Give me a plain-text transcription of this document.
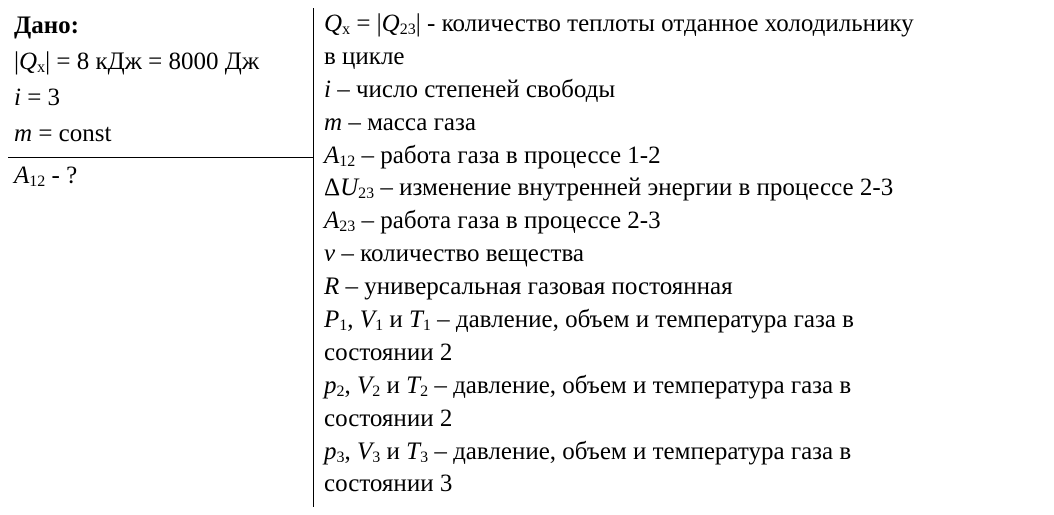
Дано:
$|Q_х| = 8$ кДж = 8000 Дж
i = 3
m = const
$A_{12}$ - ?
$Q_х = |Q_{23}|$ - количество теплоты отданное холодильнику
в цикле
i – число степеней свободы
m – масса газа
$A_{12}$ – работа газа в процессе 1-2
$\Delta U_{23}$ – изменение внутренней энергии в процессе 2-3
$A_{23}$ – работа газа в процессе 2-3
ν – количество вещества
R – универсальная газовая постоянная
$P_1$, $V_1$ и $T_1$ – давление, объем и температура газа в
состоянии 2
$p_2$, $V_2$ и $T_2$ – давление, объем и температура газа в
состоянии 2
$p_3$, $V_3$ и $T_3$ – давление, объем и температура газа в
состоянии 3
